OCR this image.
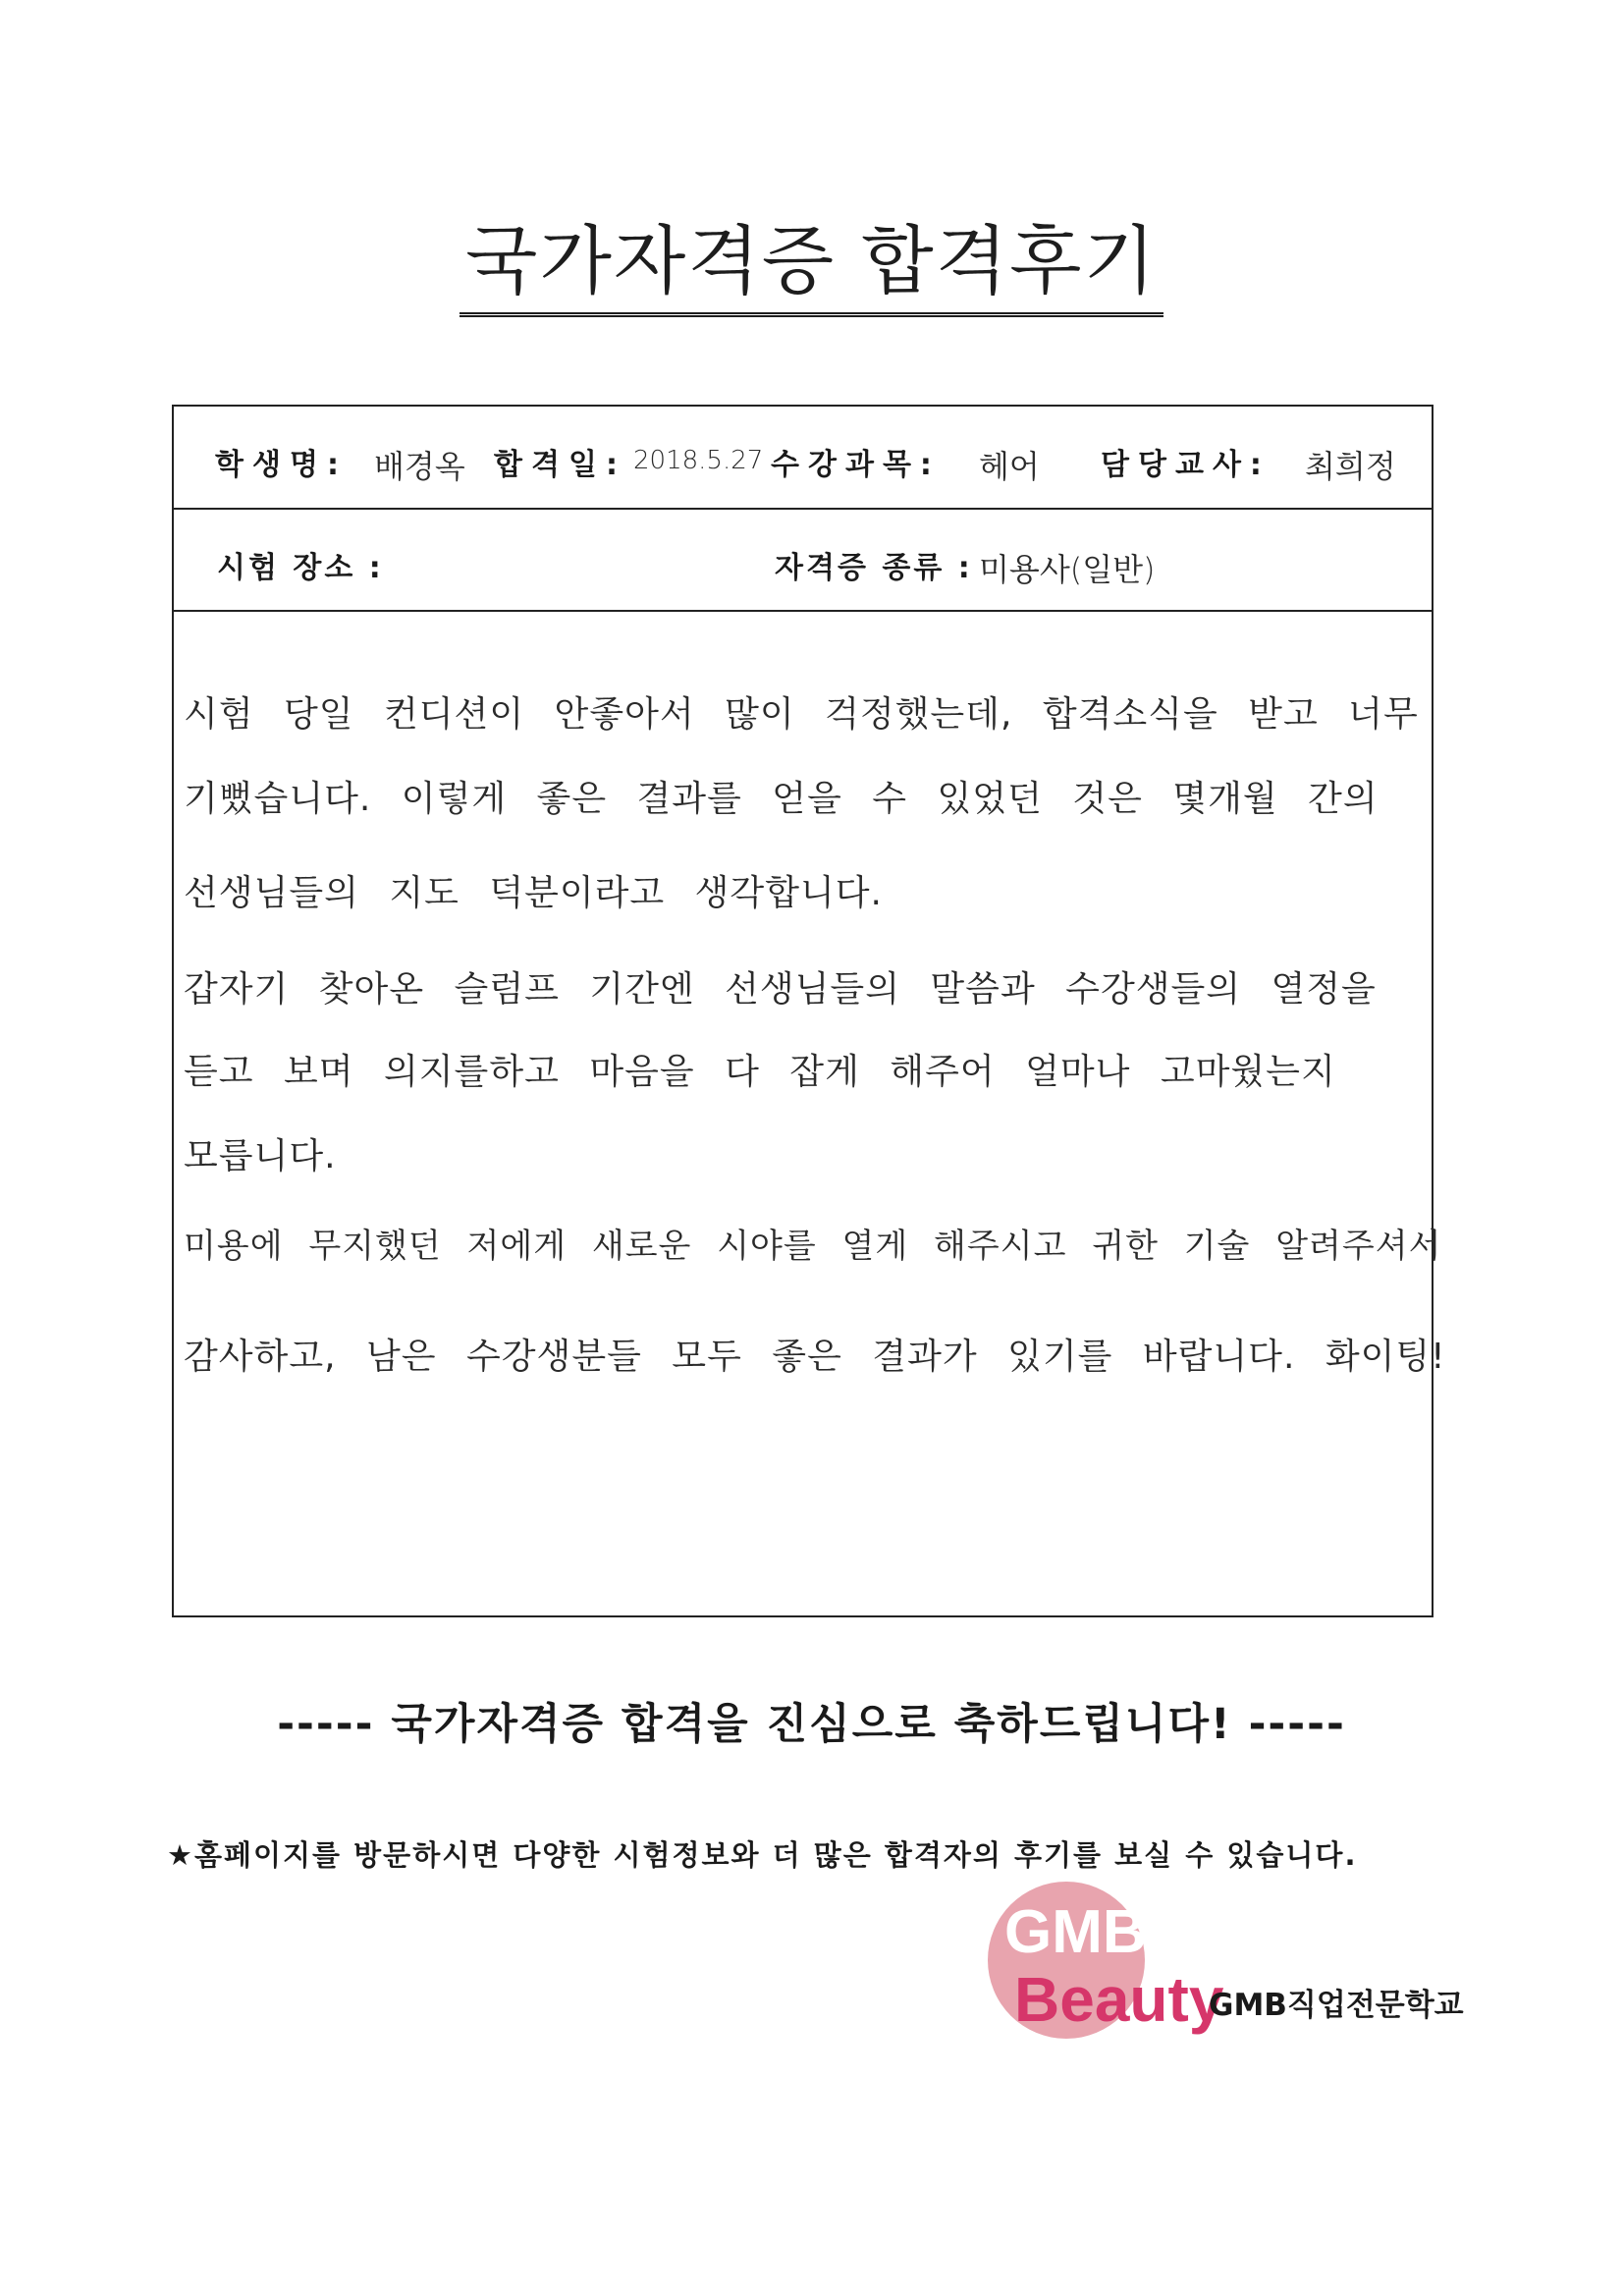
국가자격증 합격후기
학생명: 배경옥 합격일: 2018.5.27 수강과목: 헤어 담당교사: 최희정
시험 장소 :	자격증 종류 : 미용사(일반)
시험 당일 컨디션이 안좋아서 많이 걱정했는데, 합격소식을 받고 너무
기뻤습니다. 이렇게 좋은 결과를 얻을 수 있었던 것은 몇개월 간의
선생님들의 지도 덕분이라고 생각합니다.
갑자기 찾아온 슬럼프 기간엔 선생님들의 말씀과 수강생들의 열정을
듣고 보며 의지를하고 마음을 다 잡게 해주어 얼마나 고마웠는지
모릅니다.
미용에 무지했던 저에게 새로운 시야를 열게 해주시고 귀한 기술 알려주셔서
감사하고, 남은 수강생분들 모두 좋은 결과가 있기를 바랍니다. 화이팅!
----- 국가자격증 합격을 진심으로 축하드립니다! -----
★홈페이지를 방문하시면 다양한 시험정보와 더 많은 합격자의 후기를 보실 수 있습니다.
GMB
Beauty
GMB직업전문학교
